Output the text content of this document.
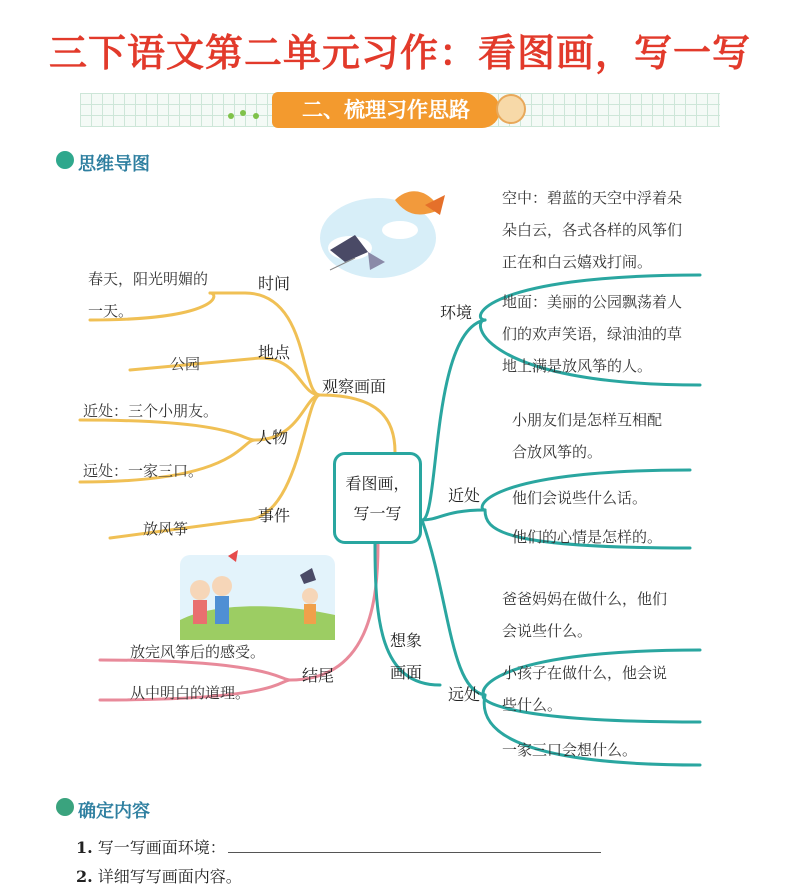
三下语文第二单元习作：看图画，写一写
二、梳理习作思路
思维导图
春天，阳光明媚的
一天。
时间
地点
公园
观察画面
近处：三个小朋友。
人物
远处：一家三口。
事件
放风筝
看图画，
写一写
放完风筝后的感受。
从中明白的道理。
结尾
想象
画面
环境
空中：碧蓝的天空中浮着朵
朵白云，各式各样的风筝们
正在和白云嬉戏打闹。
地面：美丽的公园飘荡着人
们的欢声笑语，绿油油的草
地上满是放风筝的人。
近处
小朋友们是怎样互相配
合放风筝的。
他们会说些什么话。
他们的心情是怎样的。
远处
爸爸妈妈在做什么，他们
会说些什么。
小孩子在做什么，他会说
些什么。
一家三口会想什么。
确定内容
1. 写一写画面环境：
2. 详细写写画面内容。
